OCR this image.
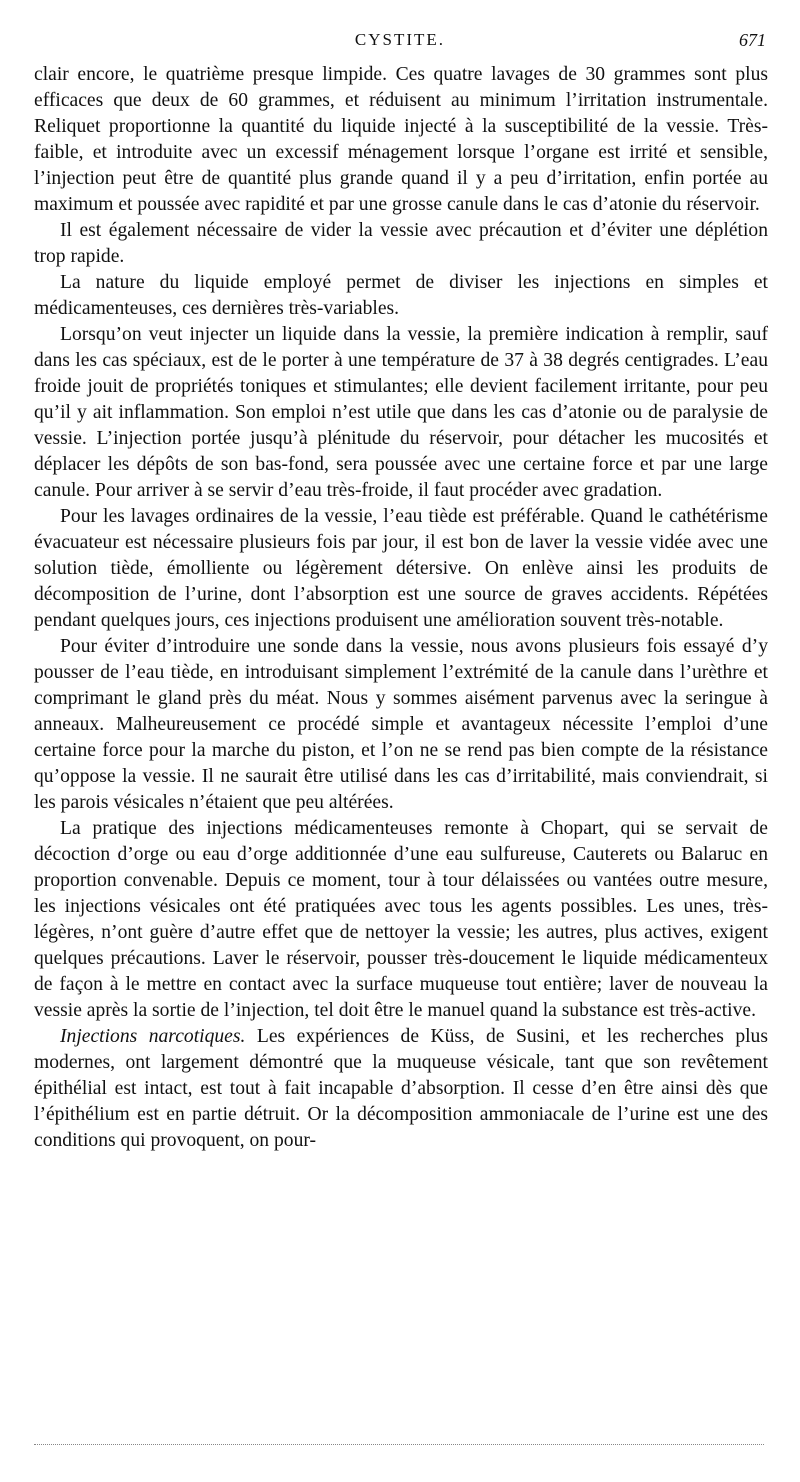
CYSTITE.	671

clair encore, le quatrième presque limpide. Ces quatre lavages de 30 grammes sont plus efficaces que deux de 60 grammes, et réduisent au minimum l’irritation instrumentale. Reliquet proportionne la quantité du liquide injecté à la susceptibilité de la vessie. Très-faible, et introduite avec un excessif ménagement lorsque l’organe est irrité et sensible, l’injection peut être de quantité plus grande quand il y a peu d’irritation, enfin portée au maximum et poussée avec rapidité et par une grosse canule dans le cas d’atonie du réservoir.

Il est également nécessaire de vider la vessie avec précaution et d’éviter une déplétion trop rapide.

La nature du liquide employé permet de diviser les injections en simples et médicamenteuses, ces dernières très-variables.

Lorsqu’on veut injecter un liquide dans la vessie, la première indication à remplir, sauf dans les cas spéciaux, est de le porter à une température de 37 à 38 degrés centigrades. L’eau froide jouit de propriétés toniques et stimulantes; elle devient facilement irritante, pour peu qu’il y ait inflammation. Son emploi n’est utile que dans les cas d’atonie ou de paralysie de vessie. L’injection portée jusqu’à plénitude du réservoir, pour détacher les mucosités et déplacer les dépôts de son bas-fond, sera poussée avec une certaine force et par une large canule. Pour arriver à se servir d’eau très-froide, il faut procéder avec gradation.

Pour les lavages ordinaires de la vessie, l’eau tiède est préférable. Quand le cathétérisme évacuateur est nécessaire plusieurs fois par jour, il est bon de laver la vessie vidée avec une solution tiède, émolliente ou légèrement détersive. On enlève ainsi les produits de décomposition de l’urine, dont l’absorption est une source de graves accidents. Répétées pendant quelques jours, ces injections produisent une amélioration souvent très-notable.

Pour éviter d’introduire une sonde dans la vessie, nous avons plusieurs fois essayé d’y pousser de l’eau tiède, en introduisant simplement l’extrémité de la canule dans l’urèthre et comprimant le gland près du méat. Nous y sommes aisément parvenus avec la seringue à anneaux. Malheureusement ce procédé simple et avantageux nécessite l’emploi d’une certaine force pour la marche du piston, et l’on ne se rend pas bien compte de la résistance qu’oppose la vessie. Il ne saurait être utilisé dans les cas d’irritabilité, mais conviendrait, si les parois vésicales n’étaient que peu altérées.

La pratique des injections médicamenteuses remonte à Chopart, qui se servait de décoction d’orge ou eau d’orge additionnée d’une eau sulfureuse, Cauterets ou Balaruc en proportion convenable. Depuis ce moment, tour à tour délaissées ou vantées outre mesure, les injections vésicales ont été pratiquées avec tous les agents possibles. Les unes, très-légères, n’ont guère d’autre effet que de nettoyer la vessie; les autres, plus actives, exigent quelques précautions. Laver le réservoir, pousser très-doucement le liquide médicamenteux de façon à le mettre en contact avec la surface muqueuse tout entière; laver de nouveau la vessie après la sortie de l’injection, tel doit être le manuel quand la substance est très-active.

Injections narcotiques. Les expériences de Küss, de Susini, et les recherches plus modernes, ont largement démontré que la muqueuse vésicale, tant que son revêtement épithélial est intact, est tout à fait incapable d’absorption. Il cesse d’en être ainsi dès que l’épithélium est en partie détruit. Or la décomposition ammoniacale de l’urine est une des conditions qui provoquent, on pour-
